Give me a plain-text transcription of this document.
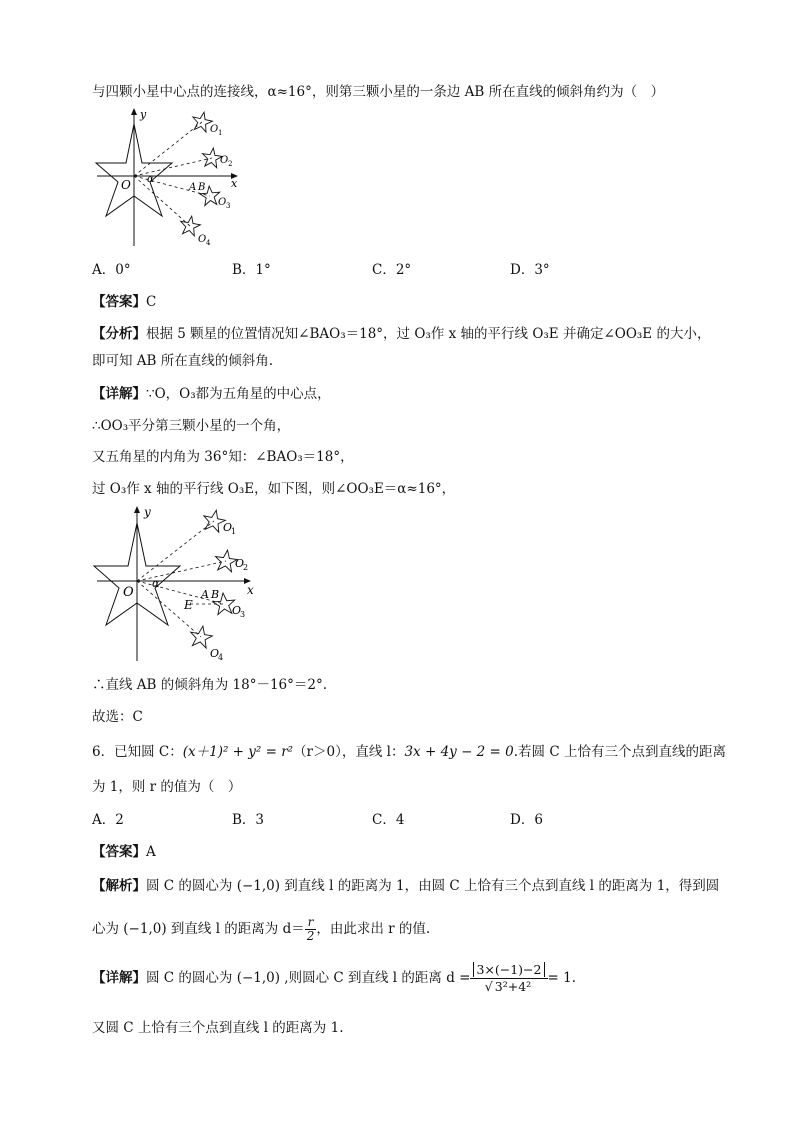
与四颗小星中心点的连接线，α≈16°，则第三颗小星的一条边 AB 所在直线的倾斜角约为（　）
y
x
O α
A B
O 1
O 2
O 3
O 4
A．0°	B．1°	C．2°	D．3°
【答案】C
【分析】根据 5 颗星的位置情况知∠BAO₃＝18°，过 O₃作 x 轴的平行线 O₃E 并确定∠OO₃E 的大小，
即可知 AB 所在直线的倾斜角.
【详解】∵O，O₃都为五角星的中心点，
∴OO₃平分第三颗小星的一个角，
又五角星的内角为 36°知：∠BAO₃＝18°，
过 O₃作 x 轴的平行线 O₃E，如下图，则∠OO₃E＝α≈16°，
y
x
O
α
A B
E
O
1
O
2
O
3
O
4
∴直线 AB 的倾斜角为 18°－16°＝2°.
故选：C
6．已知圆 C：(x＋1)² + y² = r²（r＞0），直线 l：3x + 4y − 2 = 0.若圆 C 上恰有三个点到直线的距离
为 1，则 r 的值为（　）
A．2	B．3	C．4	D．6
【答案】A
【解析】圆 C 的圆心为 (−1,0) 到直线 l 的距离为 1，由圆 C 上恰有三个点到直线 l 的距离为 1，得到圆
心为 (−1,0) 到直线 l 的距离为 $d= \frac{r}{2}$ ，由此求出 r 的值.
【详解】圆 C 的圆心为 (−1,0) ,则圆心 C 到直线 l 的距离 $d = \frac{3\times(-1)-2}{\text{√ 3²+4²}} = 1$.
又圆 C 上恰有三个点到直线 l 的距离为 1.
